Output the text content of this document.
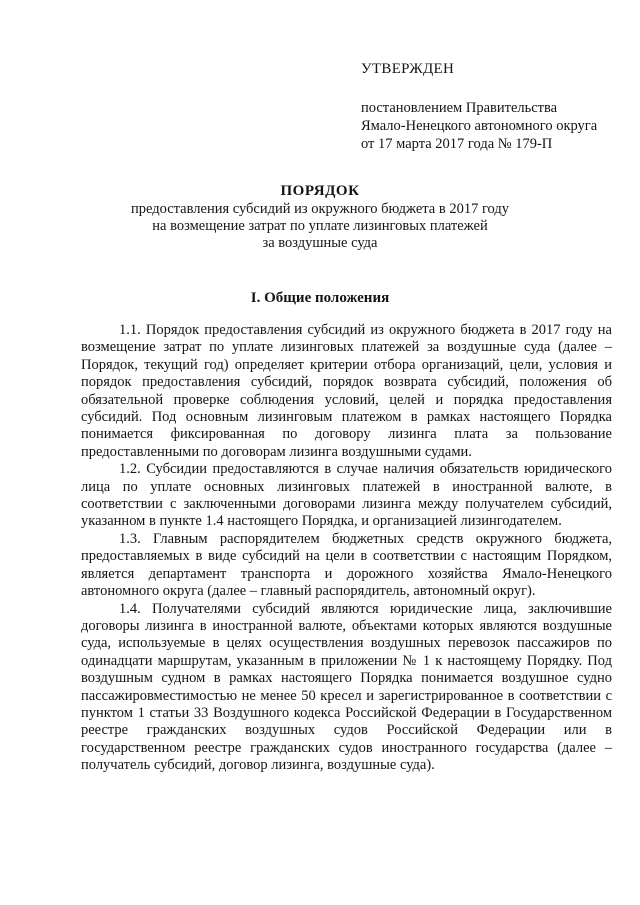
УТВЕРЖДЕН
постановлением Правительства
Ямало-Ненецкого автономного округа
от 17 марта 2017 года № 179-П
ПОРЯДОК
предоставления субсидий из окружного бюджета в 2017 году
на возмещение затрат по уплате лизинговых платежей
за воздушные суда
I. Общие положения

1.1. Порядок предоставления субсидий из окружного бюджета в 2017 году на возмещение затрат по уплате лизинговых платежей за воздушные суда (далее – Порядок, текущий год) определяет критерии отбора организаций, цели, условия и порядок предоставления субсидий, порядок возврата субсидий, положения об обязательной проверке соблюдения условий, целей и порядка предоставления субсидий. Под основным лизинговым платежом в рамках настоящего Порядка понимается фиксированная по договору лизинга плата за пользование предоставленными по договорам лизинга воздушными судами.

1.2. Субсидии предоставляются в случае наличия обязательств юридического лица по уплате основных лизинговых платежей в иностранной валюте, в соответствии с заключенными договорами лизинга между получателем субсидий, указанном в пункте 1.4 настоящего Порядка, и организацией лизингодателем.

1.3. Главным распорядителем бюджетных средств окружного бюджета, предоставляемых в виде субсидий на цели в соответствии с настоящим Порядком, является департамент транспорта и дорожного хозяйства Ямало-Ненецкого автономного округа (далее – главный распорядитель, автономный округ).

1.4. Получателями субсидий являются юридические лица, заключившие договоры лизинга в иностранной валюте, объектами которых являются воздушные суда, используемые в целях осуществления воздушных перевозок пассажиров по одинадцати маршрутам, указанным в приложении № 1 к настоящему Порядку. Под воздушным судном в рамках настоящего Порядка понимается воздушное судно пассажировместимостью не менее 50 кресел и зарегистрированное в соответствии с пунктом 1 статьи 33 Воздушного кодекса Российской Федерации в Государственном реестре гражданских воздушных судов Российской Федерации или в государственном реестре гражданских судов иностранного государства (далее – получатель субсидий, договор лизинга, воздушные суда).
